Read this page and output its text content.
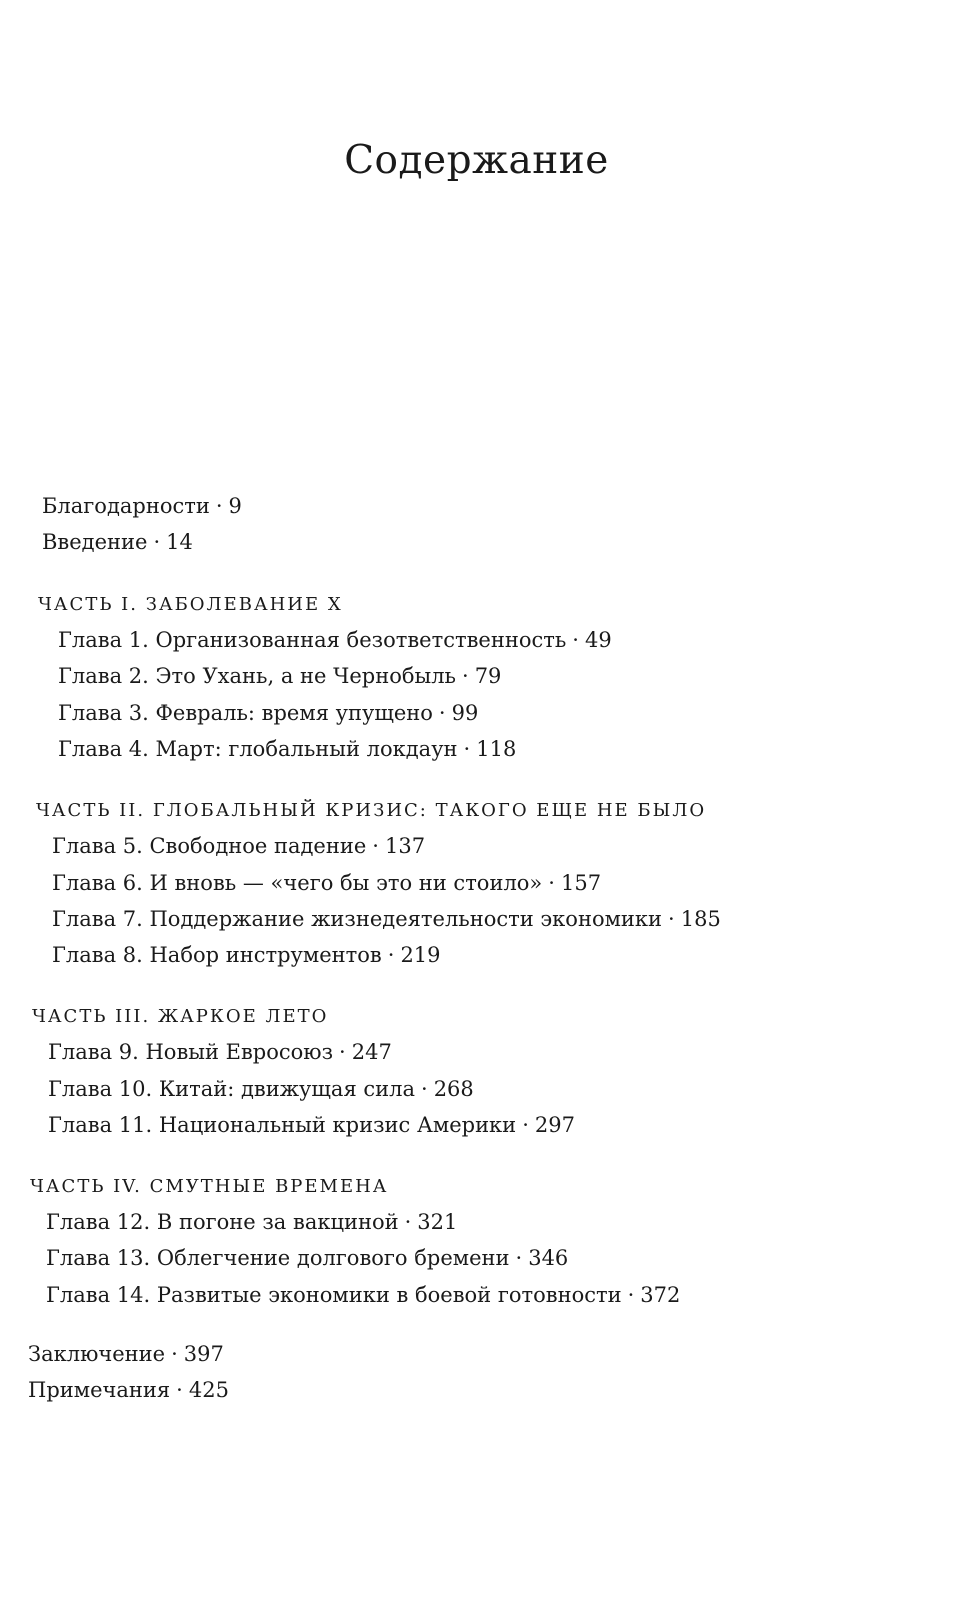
Содержание
Благодарности · 9
Введение · 14
ЧАСТЬ I. ЗАБОЛЕВАНИЕ X
Глава 1. Организованная безответственность · 49
Глава 2. Это Ухань, а не Чернобыль · 79
Глава 3. Февраль: время упущено · 99
Глава 4. Март: глобальный локдаун · 118
ЧАСТЬ II. ГЛОБАЛЬНЫЙ КРИЗИС: ТАКОГО ЕЩЕ НЕ БЫЛО
Глава 5. Свободное падение · 137
Глава 6. И вновь — «чего бы это ни стоило» · 157
Глава 7. Поддержание жизнедеятельности экономики · 185
Глава 8. Набор инструментов · 219
ЧАСТЬ III. ЖАРКОЕ ЛЕТО
Глава 9. Новый Евросоюз · 247
Глава 10. Китай: движущая сила · 268
Глава 11. Национальный кризис Америки · 297
ЧАСТЬ IV. СМУТНЫЕ ВРЕМЕНА
Глава 12. В погоне за вакциной · 321
Глава 13. Облегчение долгового бремени · 346
Глава 14. Развитые экономики в боевой готовности · 372
Заключение · 397
Примечания · 425
